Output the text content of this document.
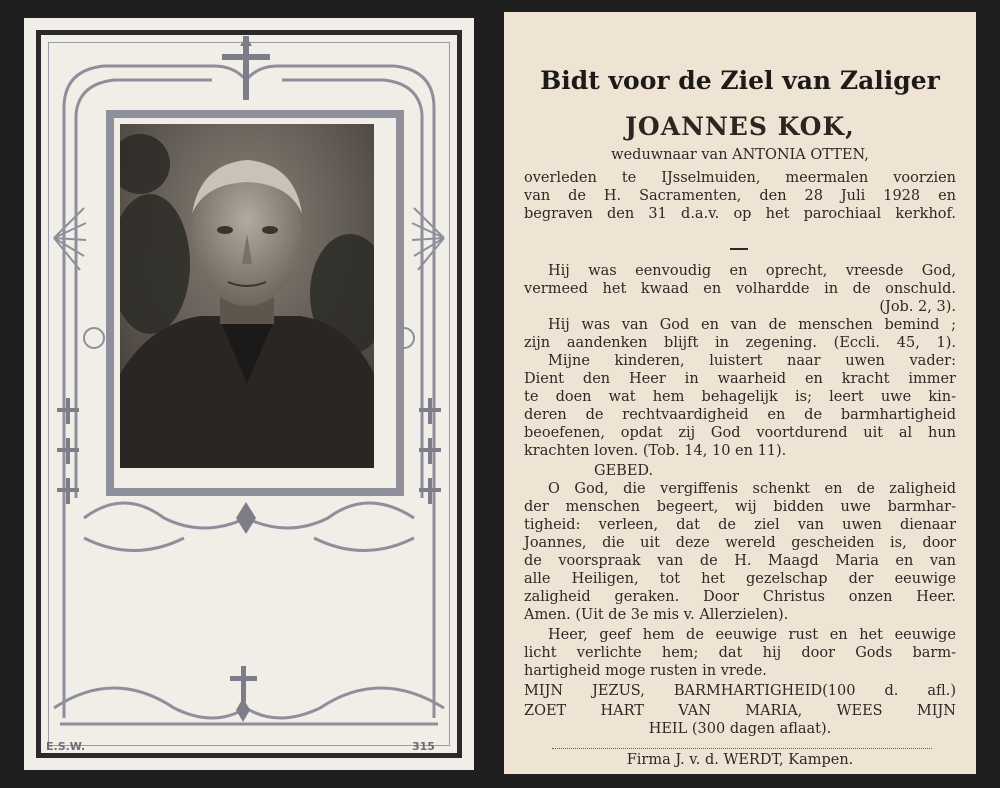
E.S.W.	315
Bidt voor de Ziel van Zaliger
JOANNES KOK,
weduwnaar van ANTONIA OTTEN,
overleden te IJsselmuiden, meermalen voorzien
van de H. Sacramenten, den 28 Juli 1928 en
begraven den 31 d.a.v. op het parochiaal kerkhof.
Hij was eenvoudig en oprecht, vreesde God,
vermeed het kwaad en volhardde in de onschuld.
(Job. 2, 3).
Hij was van God en van de menschen bemind ;
zijn aandenken blijft in zegening. (Eccli. 45, 1).
Mijne kinderen, luistert naar uwen vader:
Dient den Heer in waarheid en kracht immer
te doen wat hem behagelijk is; leert uwe kin-
deren de rechtvaardigheid en de barmhartigheid
beoefenen, opdat zij God voortdurend uit al hun
krachten loven. (Tob. 14, 10 en 11).
GEBED.
O God, die vergiffenis schenkt en de zaligheid
der menschen begeert, wij bidden uwe barmhar-
tigheid: verleen, dat de ziel van uwen dienaar
Joannes, die uit deze wereld gescheiden is, door
de voorspraak van de H. Maagd Maria en van
alle Heiligen, tot het gezelschap der eeuwige
zaligheid geraken. Door Christus onzen Heer.
Amen. (Uit de 3e mis v. Allerzielen).
Heer, geef hem de eeuwige rust en het eeuwige
licht verlichte hem; dat hij door Gods barm-
hartigheid moge rusten in vrede.
MIJN JEZUS, BARMHARTIGHEID(100 d. afl.)
ZOET HART VAN MARIA, WEES MIJN
HEIL (300 dagen aflaat).
Firma J. v. d. WERDT, Kampen.
